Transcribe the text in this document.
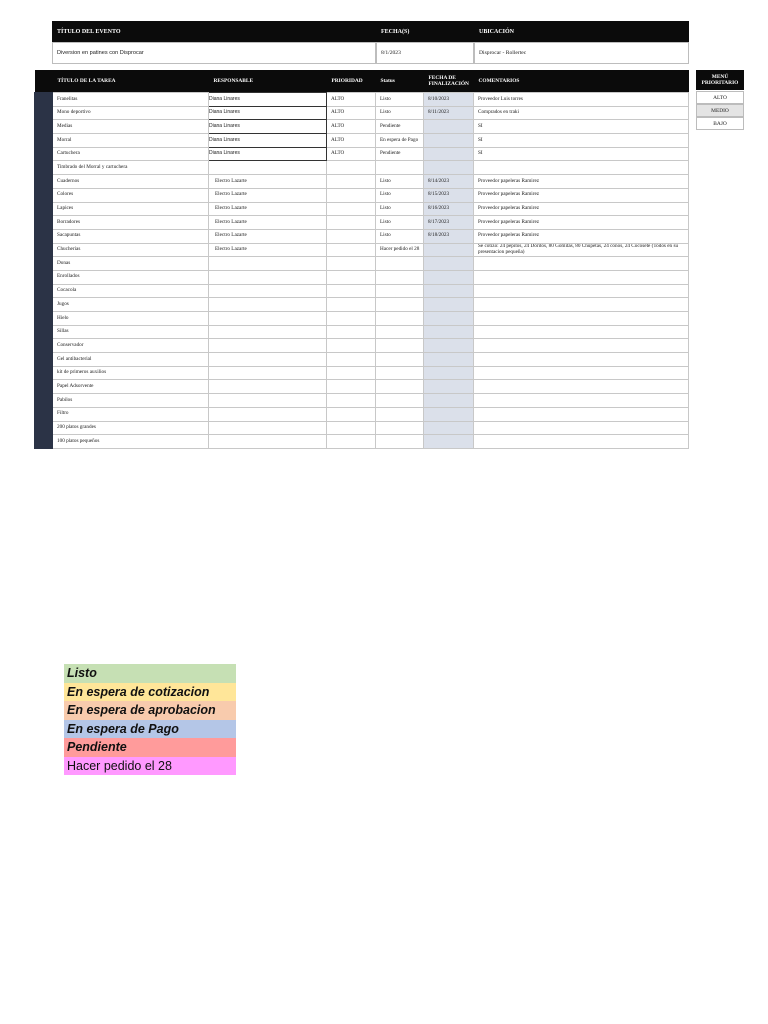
TÍTULO DEL EVENTO	FECHA(S)	UBICACIÓN
Diversion en patines con Disprocar	8/1/2023	Disprocar - Rollertec
	TÍTULO DE LA TAREA	RESPONSABLE	PRIORIDAD	Status	FECHA DE FINALIZACIÓN	COMENTARIOS
	Franelitas	Diana Linares	ALTO	Listo	8/10/2023	Proveedor Luis torres
	Mono deportivo	Diana Linares	ALTO	Listo	8/11/2023	Comprados en traki
	Medias	Diana Linares	ALTO	Pendiente		SI
	Morral	Diana Linares	ALTO	En espera de Pago		SI
	Cartuchera	Diana Linares	ALTO	Pendiente		SI
	Timbrado del Morral y cartuchera					
	Cuadernos	Electro Lazarte		Listo	8/14/2023	Proveedor papeleras Ramirez
	Colores	Electro Lazarte		Listo	8/15/2023	Proveedor papeleras Ramirez
	Lapices	Electro Lazarte		Listo	8/16/2023	Proveedor papeleras Ramirez
	Borradores	Electro Lazarte		Listo	8/17/2023	Proveedor papeleras Ramirez
	Sacapuntas	Electro Lazarte		Listo	8/18/2023	Proveedor papeleras Ramirez
	Chucherias	Electro Lazarte		Hacer pedido el 28		Se cotizo: 24 pepitos, 24 Doritos, 80 Gomitas, 80 Chupetas, 24 conos, 24 Cocosete (Todos en su presentacion pequeña)
	Donas					
	Enrollados					
	Cocacola					
	Jugos					
	Hielo					
	Sillas					
	Conservador					
	Gel antibacterial					
	kit de primeros auxilios					
	Papel Adsorvente					
	Pabilos					
	Filtro					
	200 platos grandes					
	100 platos pequeños					
MENÚ PRIORITARIO
ALTO
MEDIO
BAJO
Listo
En espera de cotizacion
En espera de aprobacion
En espera de Pago
Pendiente
Hacer pedido el 28
